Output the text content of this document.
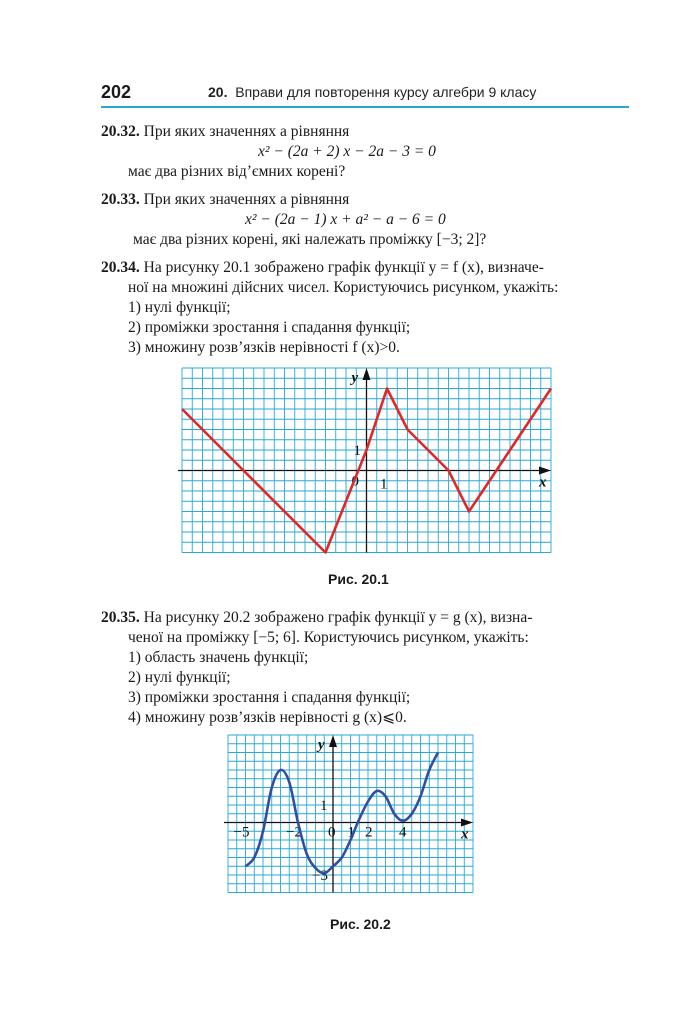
202	20. Вправи для повторення курсу алгебри 9 класу
20.32. При яких значеннях a рівняння
x² − (2a + 2) x − 2a − 3 = 0
має два різних від’ємних корені?
20.33. При яких значеннях a рівняння
x² − (2a − 1) x + a² − a − 6 = 0
має два різних корені, які належать проміжку [−3; 2]?
20.34. На рисунку 20.1 зображено графік функції y = f (x), визначе-
ної на множині дійсних чисел. Користуючись рисунком, укажіть:
1) нулі функції;
2) проміжки зростання і спадання функції;
3) множину розв’язків нерівності f (x)>0.
x
y
0 1
1
Рис. 20.1
20.35. На рисунку 20.2 зображено графік функції y = g (x), визна-
ченої на проміжку [−5; 6]. Користуючись рисунком, укажіть:
1) область значень функції;
2) нулі функції;
3) проміжки зростання і спадання функції;
4) множину розв’язків нерівності g (x)⩽0.
x
y
0
−5 −2	1 2 4
1
−3
Рис. 20.2
